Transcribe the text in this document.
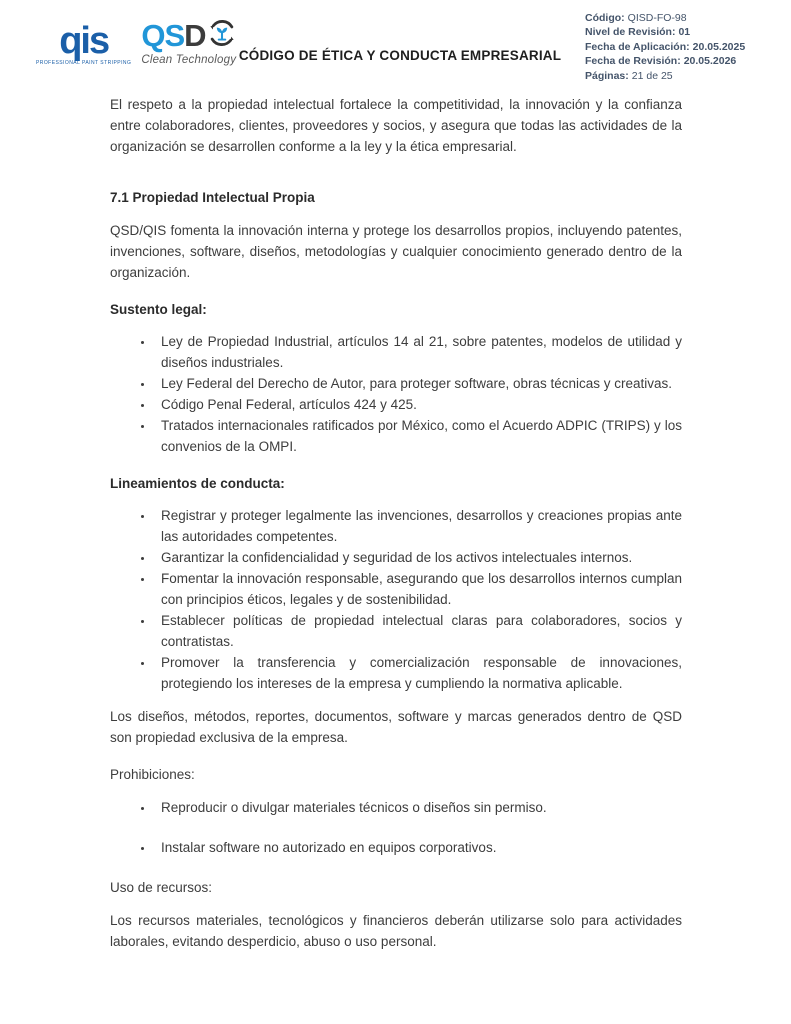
qis
PROFESSIONAL PAINT STRIPPING
QSD
Clean Technology CÓDIGO DE ÉTICA Y CONDUCTA EMPRESARIAL
Código: QISD-FO-98
Nivel de Revisión: 01
Fecha de Aplicación: 20.05.2025
Fecha de Revisión: 20.05.2026
Páginas: 21 de 25

El respeto a la propiedad intelectual fortalece la competitividad, la innovación y la confianza entre colaboradores, clientes, proveedores y socios, y asegura que todas las actividades de la organización se desarrollen conforme a la ley y la ética empresarial.

7.1 Propiedad Intelectual Propia

QSD/QIS fomenta la innovación interna y protege los desarrollos propios, incluyendo patentes, invenciones, software, diseños, metodologías y cualquier conocimiento generado dentro de la organización.

Sustento legal:
• Ley de Propiedad Industrial, artículos 14 al 21, sobre patentes, modelos de utilidad y diseños industriales.
• Ley Federal del Derecho de Autor, para proteger software, obras técnicas y creativas.
• Código Penal Federal, artículos 424 y 425.
• Tratados internacionales ratificados por México, como el Acuerdo ADPIC (TRIPS) y los convenios de la OMPI.
Lineamientos de conducta:
• Registrar y proteger legalmente las invenciones, desarrollos y creaciones propias ante las autoridades competentes.
• Garantizar la confidencialidad y seguridad de los activos intelectuales internos.
• Fomentar la innovación responsable, asegurando que los desarrollos internos cumplan con principios éticos, legales y de sostenibilidad.
• Establecer políticas de propiedad intelectual claras para colaboradores, socios y contratistas.
• Promover la transferencia y comercialización responsable de innovaciones, protegiendo los intereses de la empresa y cumpliendo la normativa aplicable.

Los diseños, métodos, reportes, documentos, software y marcas generados dentro de QSD son propiedad exclusiva de la empresa.

Prohibiciones:

• Reproducir o divulgar materiales técnicos o diseños sin permiso.
• Instalar software no autorizado en equipos corporativos.

Uso de recursos:

Los recursos materiales, tecnológicos y financieros deberán utilizarse solo para actividades laborales, evitando desperdicio, abuso o uso personal.
